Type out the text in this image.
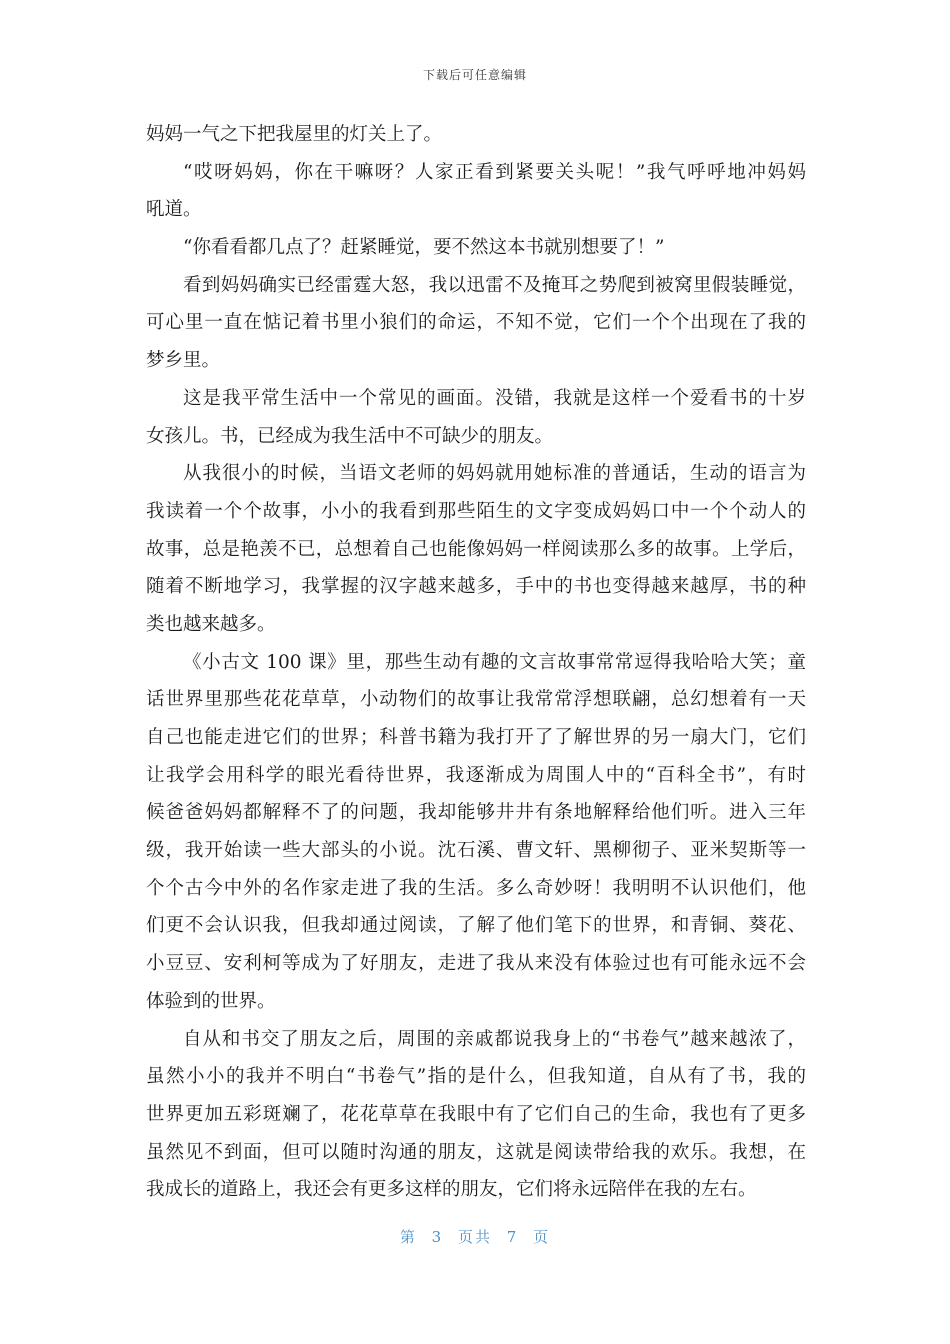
下载后可任意编辑
妈妈一气之下把我屋里的灯关上了。
“哎呀妈妈，你在干嘛呀？人家正看到紧要关头呢！”我气呼呼地冲妈妈
吼道。
“你看看都几点了？赶紧睡觉，要不然这本书就别想要了！”
看到妈妈确实已经雷霆大怒，我以迅雷不及掩耳之势爬到被窝里假装睡觉，
可心里一直在惦记着书里小狼们的命运，不知不觉，它们一个个出现在了我的
梦乡里。
这是我平常生活中一个常见的画面。没错，我就是这样一个爱看书的十岁
女孩儿。书，已经成为我生活中不可缺少的朋友。
从我很小的时候，当语文老师的妈妈就用她标准的普通话，生动的语言为
我读着一个个故事，小小的我看到那些陌生的文字变成妈妈口中一个个动人的
故事，总是艳羡不已，总想着自己也能像妈妈一样阅读那么多的故事。上学后，
随着不断地学习，我掌握的汉字越来越多，手中的书也变得越来越厚，书的种
类也越来越多。
《小古文 100 课》里，那些生动有趣的文言故事常常逗得我哈哈大笑；童
话世界里那些花花草草，小动物们的故事让我常常浮想联翩，总幻想着有一天
自己也能走进它们的世界；科普书籍为我打开了了解世界的另一扇大门，它们
让我学会用科学的眼光看待世界，我逐渐成为周围人中的“百科全书”，有时
候爸爸妈妈都解释不了的问题，我却能够井井有条地解释给他们听。进入三年
级，我开始读一些大部头的小说。沈石溪、曹文轩、黑柳彻子、亚米契斯等一
个个古今中外的名作家走进了我的生活。多么奇妙呀！我明明不认识他们，他
们更不会认识我，但我却通过阅读，了解了他们笔下的世界，和青铜、葵花、
小豆豆、安利柯等成为了好朋友，走进了我从来没有体验过也有可能永远不会
体验到的世界。
自从和书交了朋友之后，周围的亲戚都说我身上的“书卷气”越来越浓了，
虽然小小的我并不明白“书卷气”指的是什么，但我知道，自从有了书，我的
世界更加五彩斑斓了，花花草草在我眼中有了它们自己的生命，我也有了更多
虽然见不到面，但可以随时沟通的朋友，这就是阅读带给我的欢乐。我想，在
我成长的道路上，我还会有更多这样的朋友，它们将永远陪伴在我的左右。
第 3 页共 7 页
